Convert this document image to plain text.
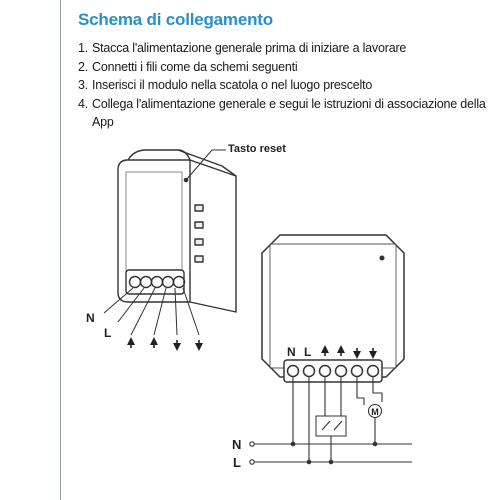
Schema di collegamento
1. Stacca l'alimentazione generale prima di iniziare a lavorare
2. Connetti i fili come da schemi seguenti
3. Inserisci il modulo nella scatola o nel luogo prescelto
4. Collega l'alimentazione generale e segui le istruzioni di associazione della App
Tasto reset
N
L
N L
M
N
L
